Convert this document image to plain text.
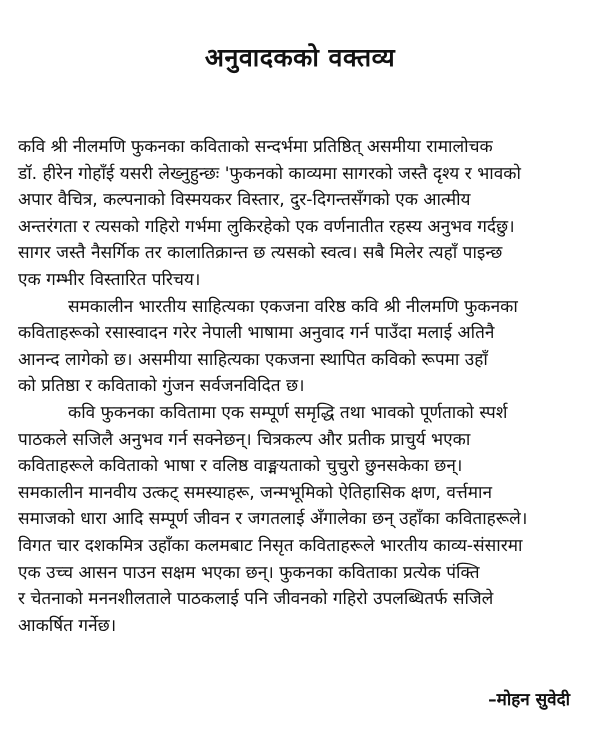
अनुवादकको वक्तव्य
कवि श्री नीलमणि फुकनका कविताको सन्दर्भमा प्रतिष्ठित् असमीया रामालोचक
डॉ. हीरेन गोहाँई यसरी लेख्नुहुन्छः 'फुकनको काव्यमा सागरको जस्तै दृश्य र भावको
अपार वैचित्र, कल्पनाको विस्मयकर विस्तार, दुर-दिगन्तसँगको एक आत्मीय
अन्तरंगता र त्यसको गहिरो गर्भमा लुकिरहेको एक वर्णनातीत रहस्य अनुभव गर्दछु।
सागर जस्तै नैसर्गिक तर कालातिक्रान्त छ त्यसको स्वत्व। सबै मिलेर त्यहाँ पाइन्छ
एक गम्भीर विस्तारित परिचय।
समकालीन भारतीय साहित्यका एकजना वरिष्ठ कवि श्री नीलमणि फुकनका
कविताहरूको रसास्वादन गरेर नेपाली भाषामा अनुवाद गर्न पाउँदा मलाई अतिनै
आनन्द लागेको छ। असमीया साहित्यका एकजना स्थापित कविको रूपमा उहाँ
को प्रतिष्ठा र कविताको गुंजन सर्वजनविदित छ।
कवि फुकनका कवितामा एक सम्पूर्ण समृद्धि तथा भावको पूर्णताको स्पर्श
पाठकले सजिलै अनुभव गर्न सक्नेछन्। चित्रकल्प और प्रतीक प्राचुर्य भएका
कविताहरूले कविताको भाषा र वलिष्ठ वाङ्मयताको चुचुरो छुनसकेका छन्।
समकालीन मानवीय उत्कट् समस्याहरू, जन्मभूमिको ऐतिहासिक क्षण, वर्त्तमान
समाजको धारा आदि सम्पूर्ण जीवन र जगतलाई अँगालेका छन् उहाँका कविताहरूले।
विगत चार दशकमित्र उहाँका कलमबाट निसृत कविताहरूले भारतीय काव्य-संसारमा
एक उच्च आसन पाउन सक्षम भएका छन्। फुकनका कविताका प्रत्येक पंक्ति
र चेतनाको मननशीलताले पाठकलाई पनि जीवनको गहिरो उपलब्धितर्फ सजिले
आकर्षित गर्नेछ।
–मोहन सुवेदी
